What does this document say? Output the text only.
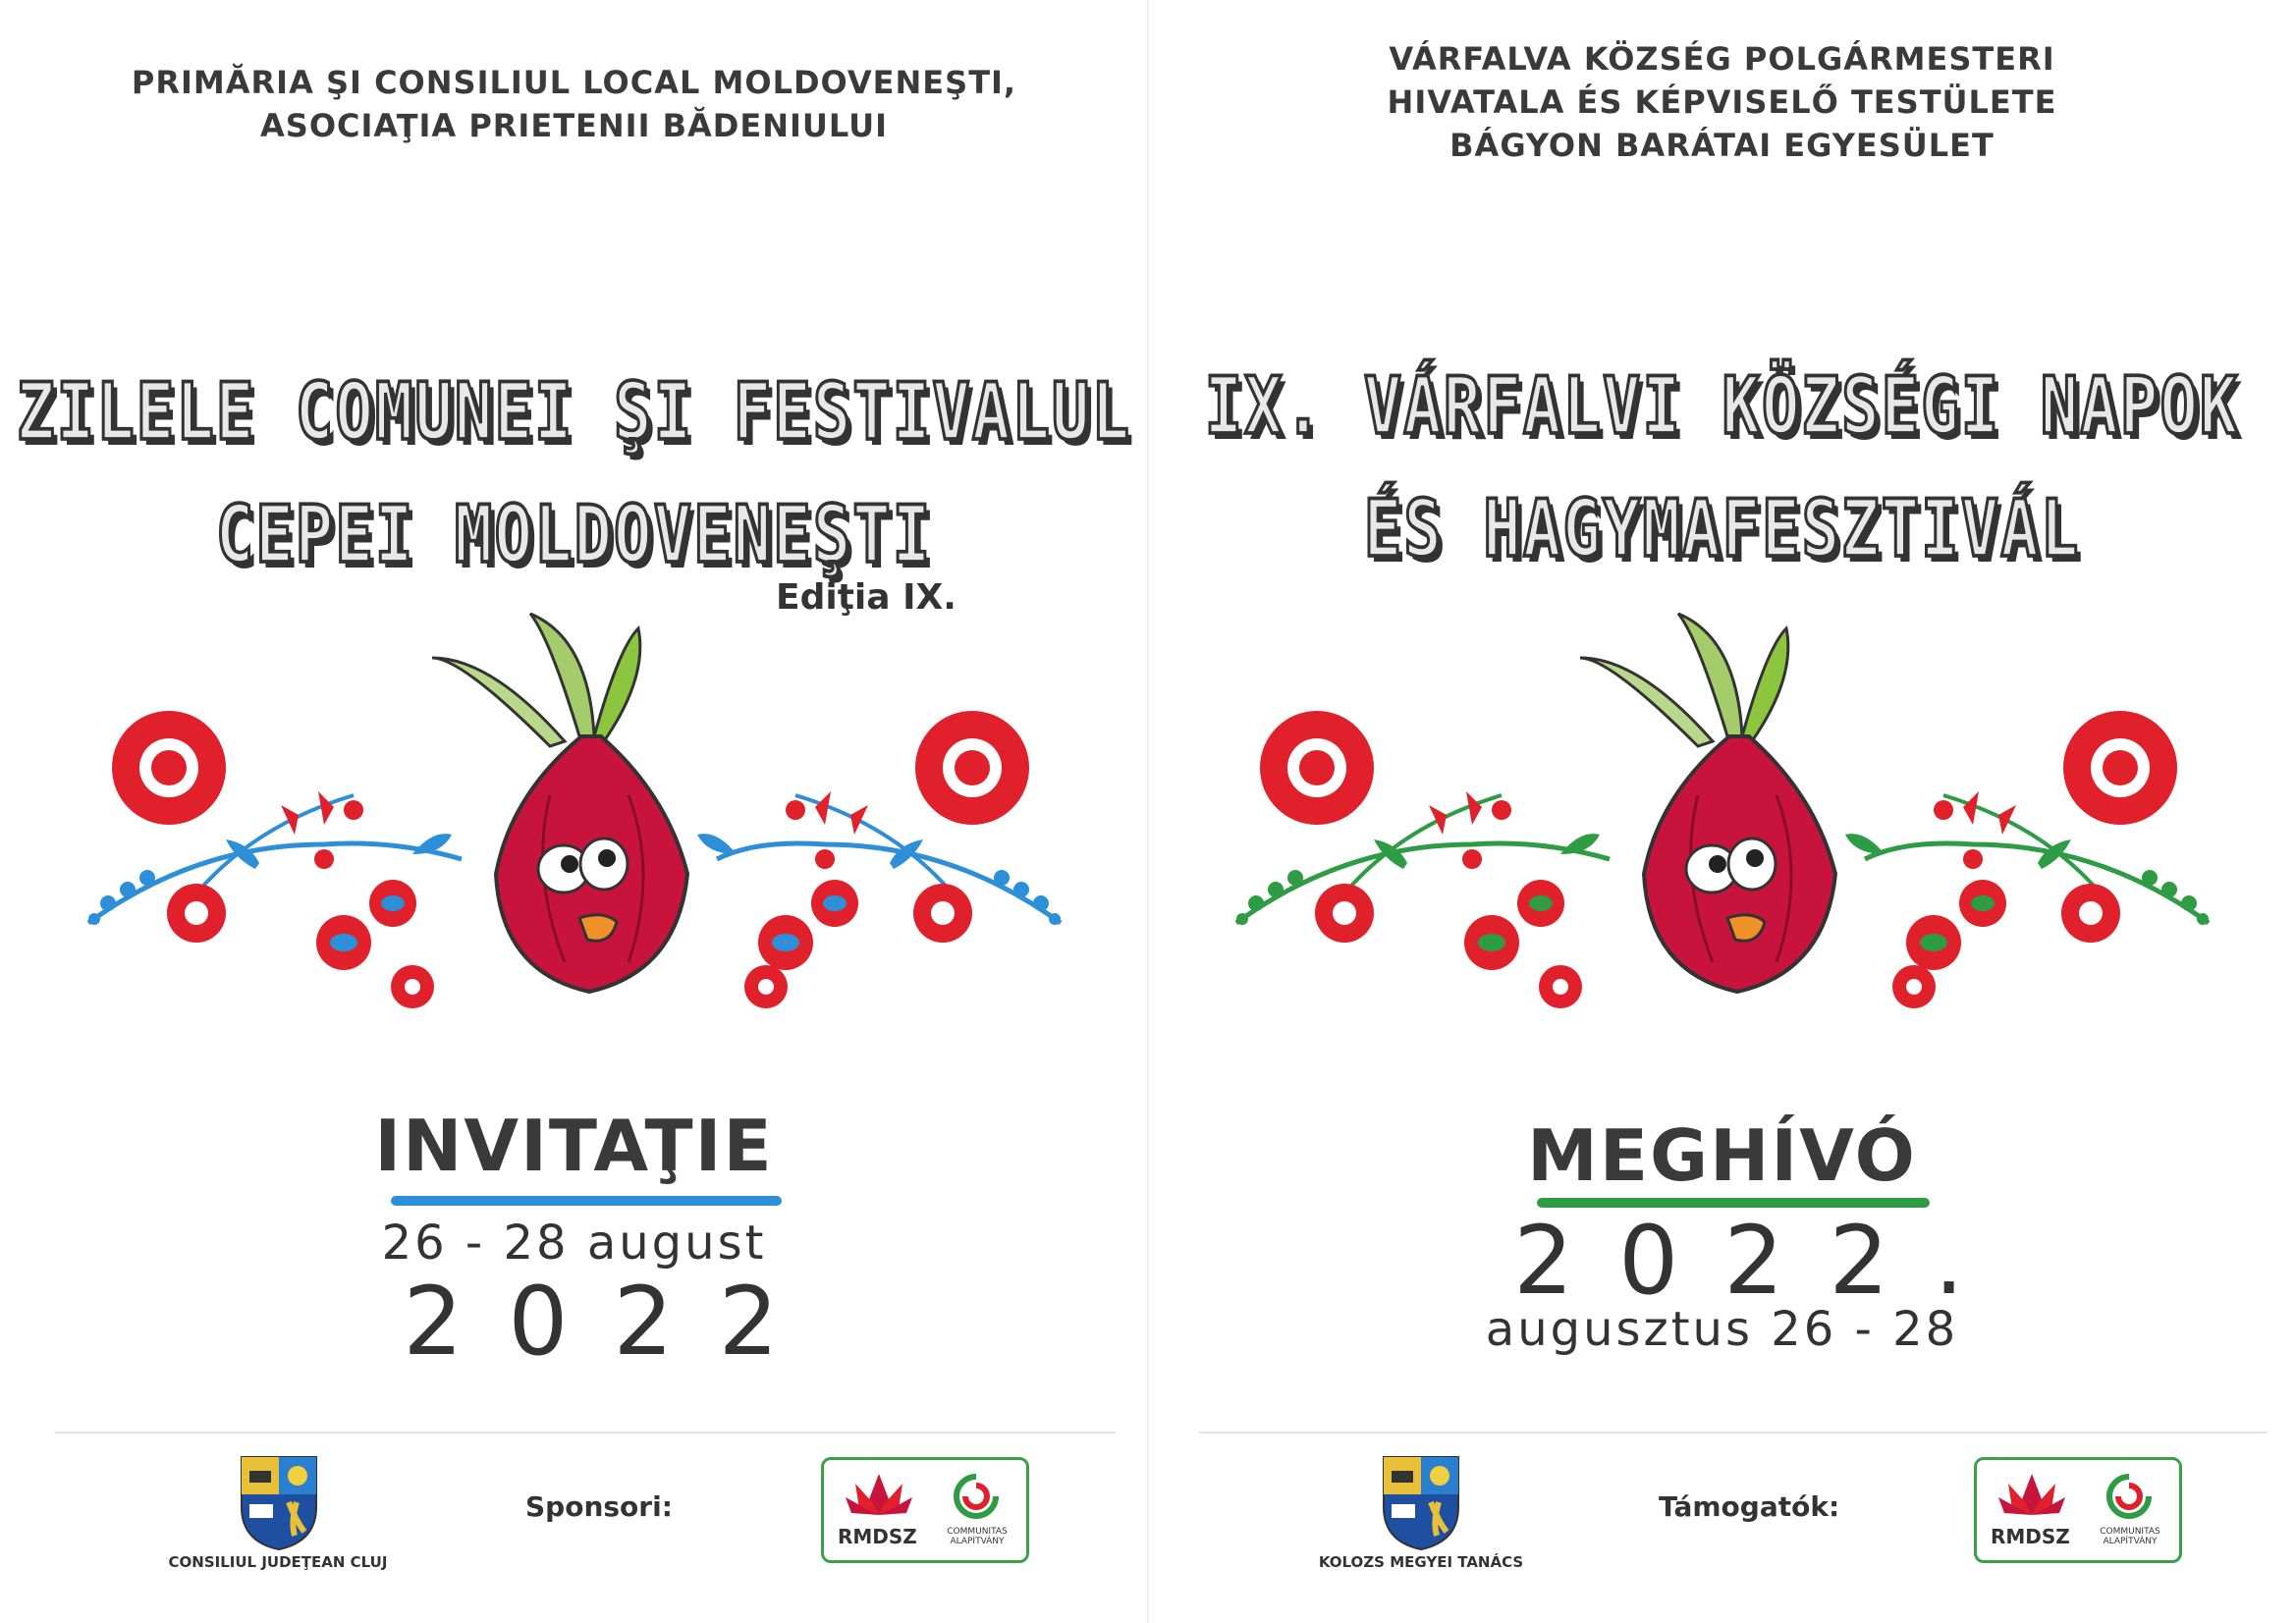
PRIMĂRIA ŞI CONSILIUL LOCAL MOLDOVENEŞTI,
ASOCIAŢIA PRIETENII BĂDENIULUI
ZILELE COMUNEI ŞI FESTIVALUL
CEPEI MOLDOVENEŞTI
Ediţia IX.
INVITAŢIE
26 - 28 august
2022
CONSILIUL JUDEŢEAN CLUJ
Sponsori:
RMDSZ	COMMUNITAS ALAPÍTVÁNY
VÁRFALVA KÖZSÉG POLGÁRMESTERI
HIVATALA ÉS KÉPVISELŐ TESTÜLETE
BÁGYON BARÁTAI EGYESÜLET
IX. VÁRFALVI KÖZSÉGI NAPOK
ÉS HAGYMAFESZTIVÁL
MEGHÍVÓ
2022.
augusztus 26 - 28
KOLOZS MEGYEI TANÁCS
Támogatók:
RMDSZ	COMMUNITAS ALAPÍTVÁNY
